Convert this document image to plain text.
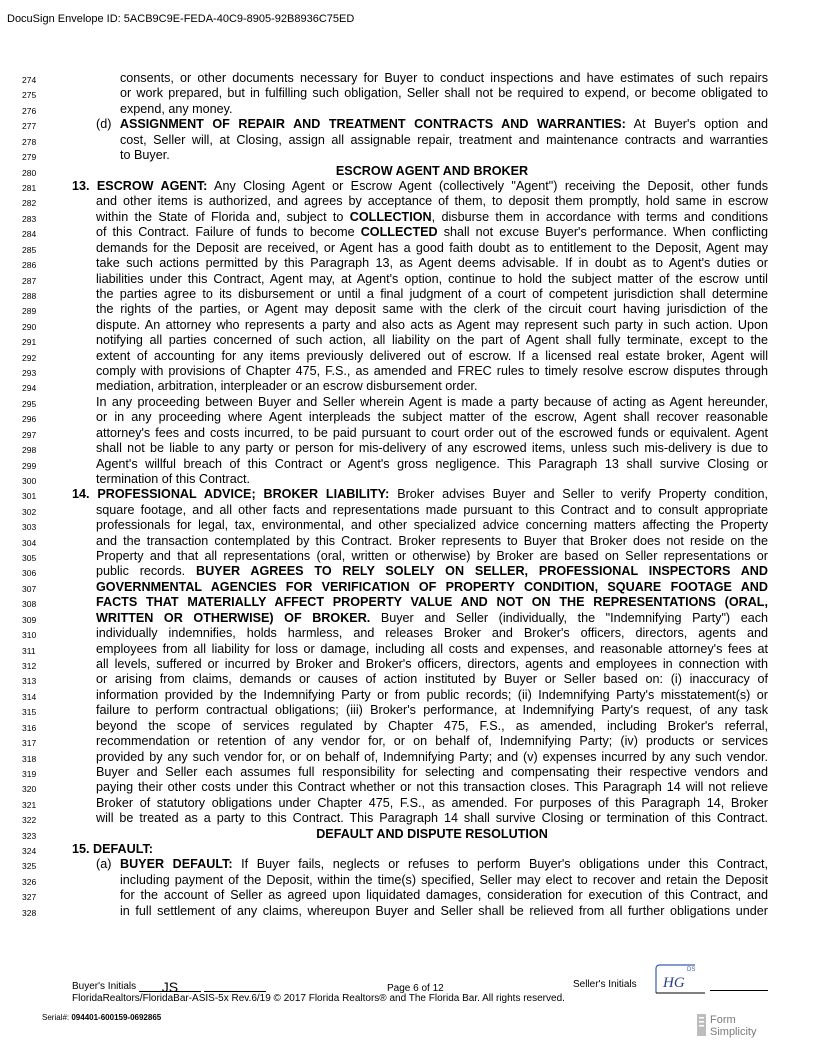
DocuSign Envelope ID: 5ACB9C9E-FEDA-40C9-8905-92B8936C75ED
274	consents, or other documents necessary for Buyer to conduct inspections and have estimates of such repairs
275	or work prepared, but in fulfilling such obligation, Seller shall not be required to expend, or become obligated to
276	expend, any money.
277	(d) ASSIGNMENT OF REPAIR AND TREATMENT CONTRACTS AND WARRANTIES: At Buyer's option and
278	cost, Seller will, at Closing, assign all assignable repair, treatment and maintenance contracts and warranties
279	to Buyer.
280	ESCROW AGENT AND BROKER
281	13. ESCROW AGENT: Any Closing Agent or Escrow Agent (collectively "Agent") receiving the Deposit, other funds
282	and other items is authorized, and agrees by acceptance of them, to deposit them promptly, hold same in escrow
283	within the State of Florida and, subject to COLLECTION, disburse them in accordance with terms and conditions
284	of this Contract. Failure of funds to become COLLECTED shall not excuse Buyer's performance. When conflicting
285	demands for the Deposit are received, or Agent has a good faith doubt as to entitlement to the Deposit, Agent may
286	take such actions permitted by this Paragraph 13, as Agent deems advisable. If in doubt as to Agent's duties or
287	liabilities under this Contract, Agent may, at Agent's option, continue to hold the subject matter of the escrow until
288	the parties agree to its disbursement or until a final judgment of a court of competent jurisdiction shall determine
289	the rights of the parties, or Agent may deposit same with the clerk of the circuit court having jurisdiction of the
290	dispute. An attorney who represents a party and also acts as Agent may represent such party in such action. Upon
291	notifying all parties concerned of such action, all liability on the part of Agent shall fully terminate, except to the
292	extent of accounting for any items previously delivered out of escrow. If a licensed real estate broker, Agent will
293	comply with provisions of Chapter 475, F.S., as amended and FREC rules to timely resolve escrow disputes through
294	mediation, arbitration, interpleader or an escrow disbursement order.
295	In any proceeding between Buyer and Seller wherein Agent is made a party because of acting as Agent hereunder,
296	or in any proceeding where Agent interpleads the subject matter of the escrow, Agent shall recover reasonable
297	attorney's fees and costs incurred, to be paid pursuant to court order out of the escrowed funds or equivalent. Agent
298	shall not be liable to any party or person for mis-delivery of any escrowed items, unless such mis-delivery is due to
299	Agent's willful breach of this Contract or Agent's gross negligence. This Paragraph 13 shall survive Closing or
300	termination of this Contract.
301	14. PROFESSIONAL ADVICE; BROKER LIABILITY: Broker advises Buyer and Seller to verify Property condition,
302	square footage, and all other facts and representations made pursuant to this Contract and to consult appropriate
303	professionals for legal, tax, environmental, and other specialized advice concerning matters affecting the Property
304	and the transaction contemplated by this Contract. Broker represents to Buyer that Broker does not reside on the
305	Property and that all representations (oral, written or otherwise) by Broker are based on Seller representations or
306	public records. BUYER AGREES TO RELY SOLELY ON SELLER, PROFESSIONAL INSPECTORS AND
307	GOVERNMENTAL AGENCIES FOR VERIFICATION OF PROPERTY CONDITION, SQUARE FOOTAGE AND
308	FACTS THAT MATERIALLY AFFECT PROPERTY VALUE AND NOT ON THE REPRESENTATIONS (ORAL,
309	WRITTEN OR OTHERWISE) OF BROKER. Buyer and Seller (individually, the "Indemnifying Party") each
310	individually indemnifies, holds harmless, and releases Broker and Broker's officers, directors, agents and
311	employees from all liability for loss or damage, including all costs and expenses, and reasonable attorney's fees at
312	all levels, suffered or incurred by Broker and Broker's officers, directors, agents and employees in connection with
313	or arising from claims, demands or causes of action instituted by Buyer or Seller based on: (i) inaccuracy of
314	information provided by the Indemnifying Party or from public records; (ii) Indemnifying Party's misstatement(s) or
315	failure to perform contractual obligations; (iii) Broker's performance, at Indemnifying Party's request, of any task
316	beyond the scope of services regulated by Chapter 475, F.S., as amended, including Broker's referral,
317	recommendation or retention of any vendor for, or on behalf of, Indemnifying Party; (iv) products or services
318	provided by any such vendor for, or on behalf of, Indemnifying Party; and (v) expenses incurred by any such vendor.
319	Buyer and Seller each assumes full responsibility for selecting and compensating their respective vendors and
320	paying their other costs under this Contract whether or not this transaction closes. This Paragraph 14 will not relieve
321	Broker of statutory obligations under Chapter 475, F.S., as amended. For purposes of this Paragraph 14, Broker
322	will be treated as a party to this Contract. This Paragraph 14 shall survive Closing or termination of this Contract.
323	DEFAULT AND DISPUTE RESOLUTION
324	15. DEFAULT:
325	(a) BUYER DEFAULT: If Buyer fails, neglects or refuses to perform Buyer's obligations under this Contract,
326	including payment of the Deposit, within the time(s) specified, Seller may elect to recover and retain the Deposit
327	for the account of Seller as agreed upon liquidated damages, consideration for execution of this Contract, and
328	in full settlement of any claims, whereupon Buyer and Seller shall be relieved from all further obligations under
Buyer's Initials JS	Page 6 of 12	Seller's Initials
DS
HG
FloridaRealtors/FloridaBar-ASIS-5x Rev.6/19 © 2017 Florida Realtors® and The Florida Bar. All rights reserved.
Serial#: 094401-600159-0692865	Form
Simplicity
